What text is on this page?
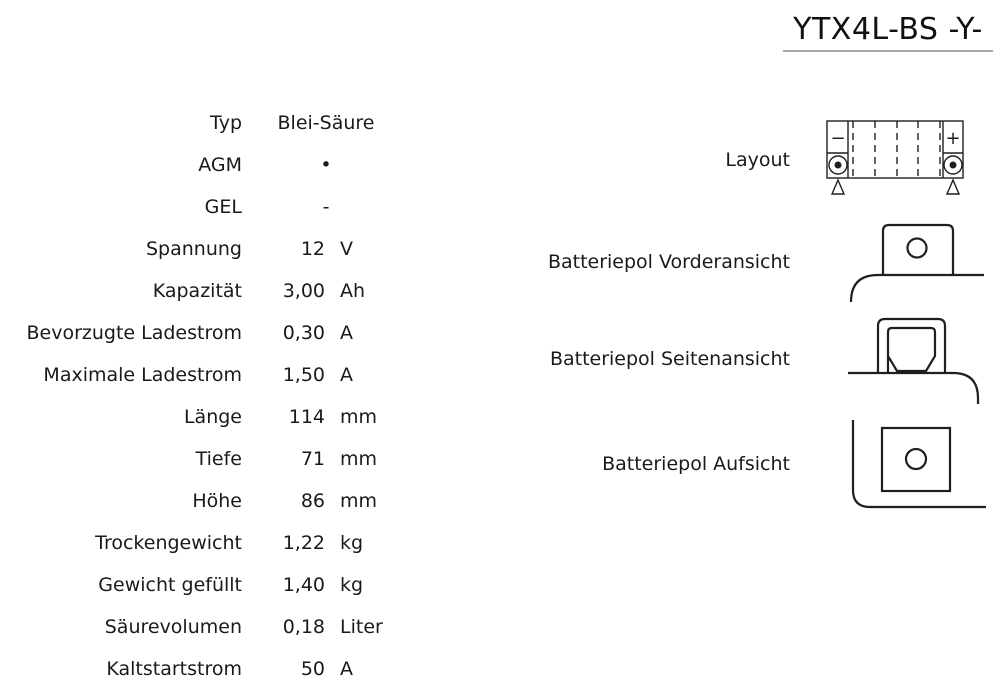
YTX4L-BS -Y-
Typ	Blei-Säure
AGM	•
GEL	-
Spannung	12 V
Kapazität	3,00 Ah
Bevorzugte Ladestrom	0,30 A
Maximale Ladestrom	1,50 A
Länge	114 mm
Tiefe	71 mm
Höhe	86 mm
Trockengewicht	1,22 kg
Gewicht gefüllt	1,40 kg
Säurevolumen	0,18 Liter
Kaltstartstrom	50 A
Layout
Batteriepol Vorderansicht
Batteriepol Seitenansicht
Batteriepol Aufsicht
−	+
